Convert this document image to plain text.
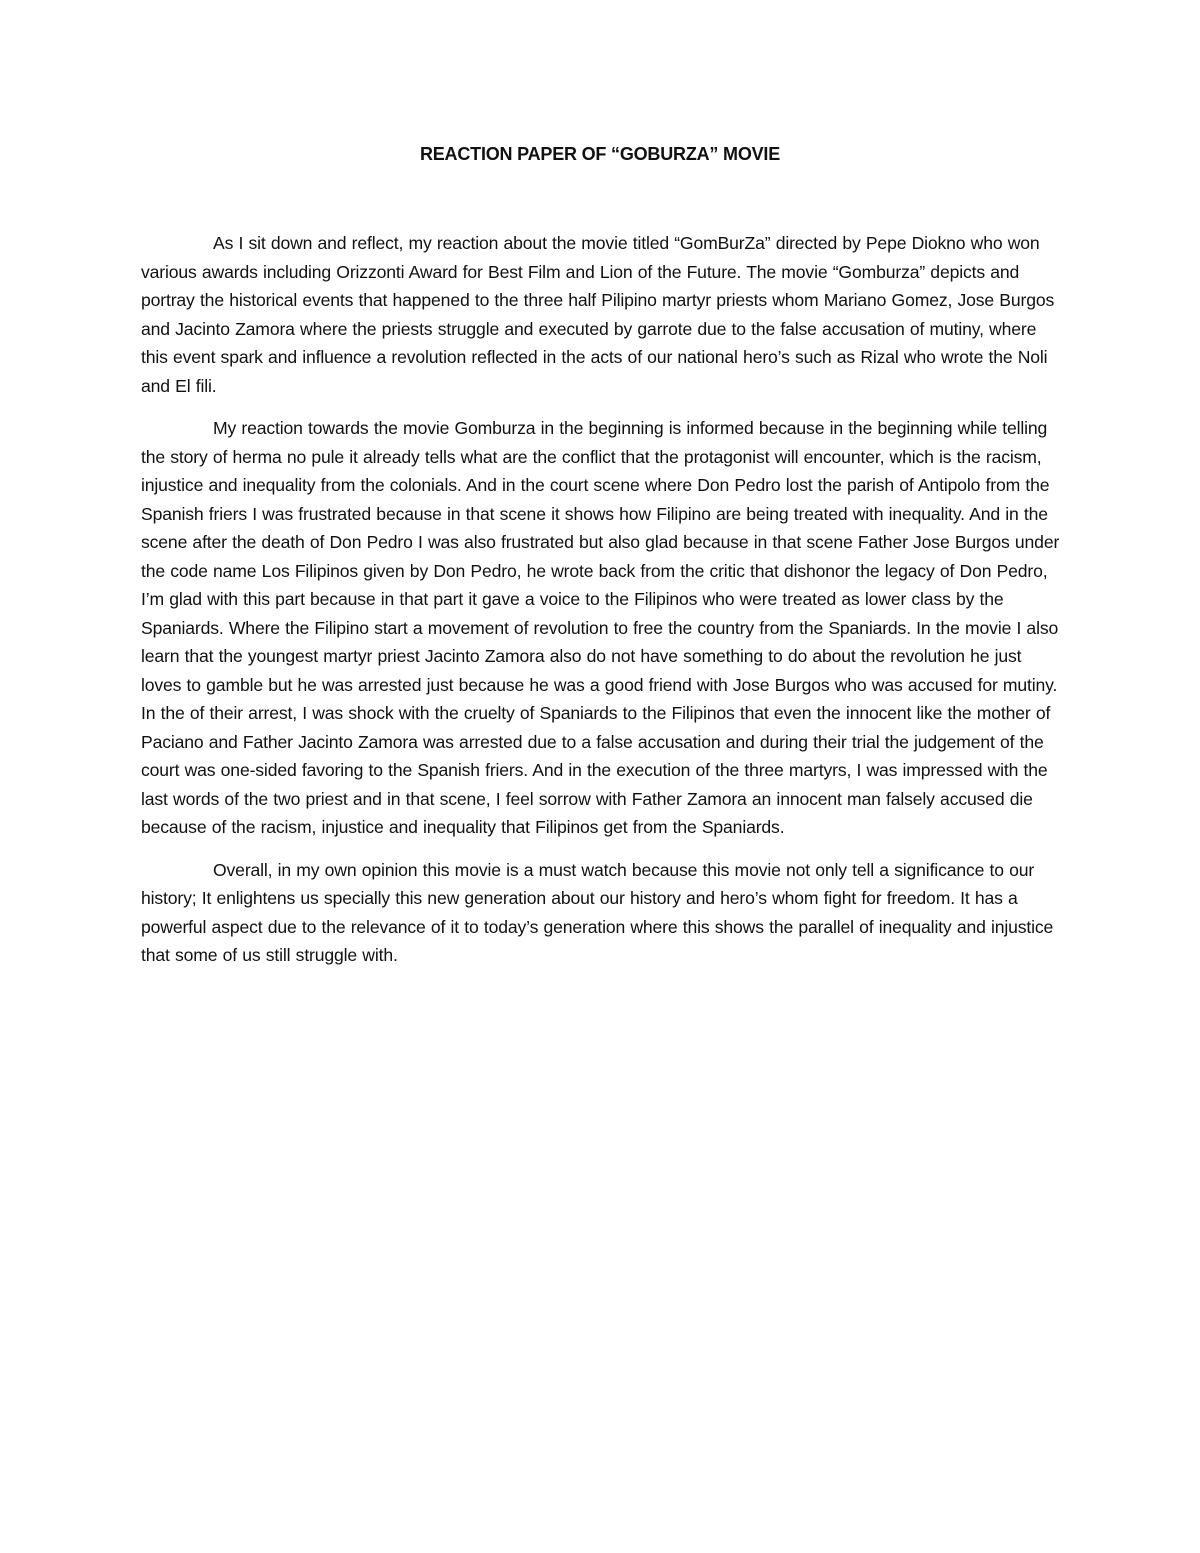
REACTION PAPER OF “GOBURZA” MOVIE

As I sit down and reflect, my reaction about the movie titled “GomBurZa” directed by Pepe Diokno who won various awards including Orizzonti Award for Best Film and Lion of the Future. The movie “Gomburza” depicts and portray the historical events that happened to the three half Pilipino martyr priests whom Mariano Gomez, Jose Burgos and Jacinto Zamora where the priests struggle and executed by garrote due to the false accusation of mutiny, where this event spark and influence a revolution reflected in the acts of our national hero’s such as Rizal who wrote the Noli and El fili.

My reaction towards the movie Gomburza in the beginning is informed because in the beginning while telling the story of herma no pule it already tells what are the conflict that the protagonist will encounter, which is the racism, injustice and inequality from the colonials. And in the court scene where Don Pedro lost the parish of Antipolo from the Spanish friers I was frustrated because in that scene it shows how Filipino are being treated with inequality. And in the scene after the death of Don Pedro I was also frustrated but also glad because in that scene Father Jose Burgos under the code name Los Filipinos given by Don Pedro, he wrote back from the critic that dishonor the legacy of Don Pedro, I’m glad with this part because in that part it gave a voice to the Filipinos who were treated as lower class by the Spaniards. Where the Filipino start a movement of revolution to free the country from the Spaniards. In the movie I also learn that the youngest martyr priest Jacinto Zamora also do not have something to do about the revolution he just loves to gamble but he was arrested just because he was a good friend with Jose Burgos who was accused for mutiny. In the of their arrest, I was shock with the cruelty of Spaniards to the Filipinos that even the innocent like the mother of Paciano and Father Jacinto Zamora was arrested due to a false accusation and during their trial the judgement of the court was one-sided favoring to the Spanish friers. And in the execution of the three martyrs, I was impressed with the last words of the two priest and in that scene, I feel sorrow with Father Zamora an innocent man falsely accused die because of the racism, injustice and inequality that Filipinos get from the Spaniards.

Overall, in my own opinion this movie is a must watch because this movie not only tell a significance to our history; It enlightens us specially this new generation about our history and hero’s whom fight for freedom. It has a powerful aspect due to the relevance of it to today’s generation where this shows the parallel of inequality and injustice that some of us still struggle with.
